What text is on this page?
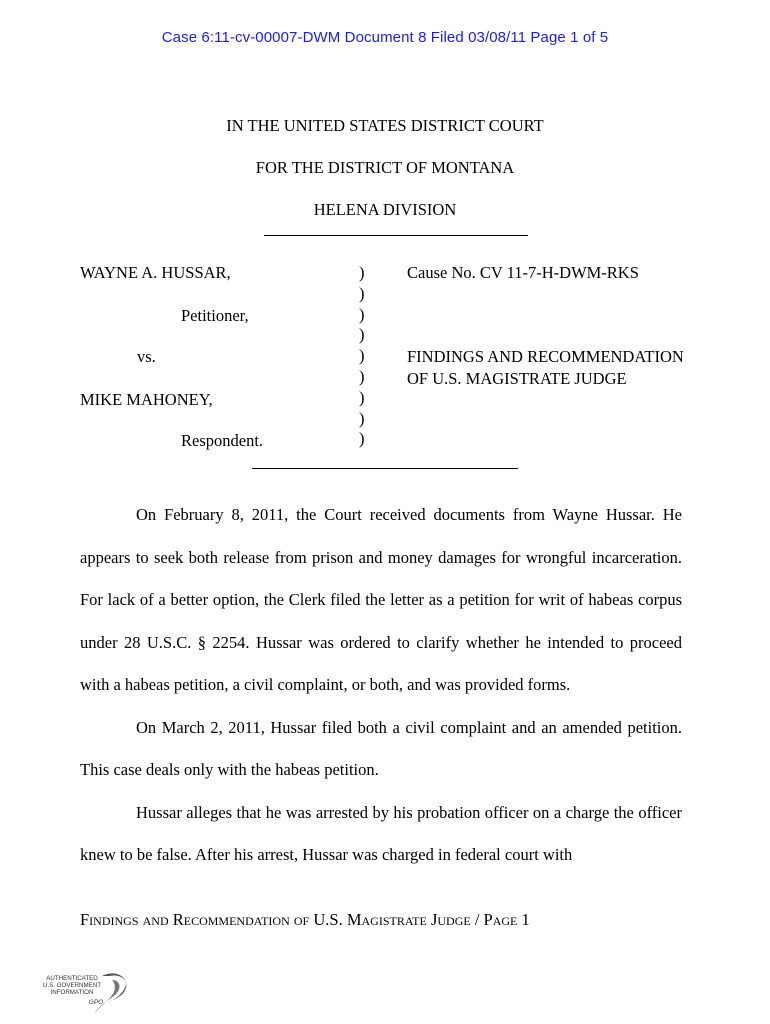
Case 6:11-cv-00007-DWM Document 8 Filed 03/08/11 Page 1 of 5
IN THE UNITED STATES DISTRICT COURT
FOR THE DISTRICT OF MONTANA
HELENA DIVISION
WAYNE A. HUSSAR,
Petitioner,
vs.
MIKE MAHONEY,
Respondent.
)
)
)
)
)
)
)
)
)
Cause No. CV 11-7-H-DWM-RKS
FINDINGS AND RECOMMENDATION
OF U.S. MAGISTRATE JUDGE

On February 8, 2011, the Court received documents from Wayne Hussar. He appears to seek both release from prison and money damages for wrongful incarceration. For lack of a better option, the Clerk filed the letter as a petition for writ of habeas corpus under 28 U.S.C. § 2254. Hussar was ordered to clarify whether he intended to proceed with a habeas petition, a civil complaint, or both, and was provided forms.

On March 2, 2011, Hussar filed both a civil complaint and an amended petition. This case deals only with the habeas petition.

Hussar alleges that he was arrested by his probation officer on a charge the officer knew to be false. After his arrest, Hussar was charged in federal court with

Findings and Recommendation of U.S. Magistrate Judge / Page 1
AUTHENTICATED
U.S. GOVERNMENT
INFORMATION
GPO
